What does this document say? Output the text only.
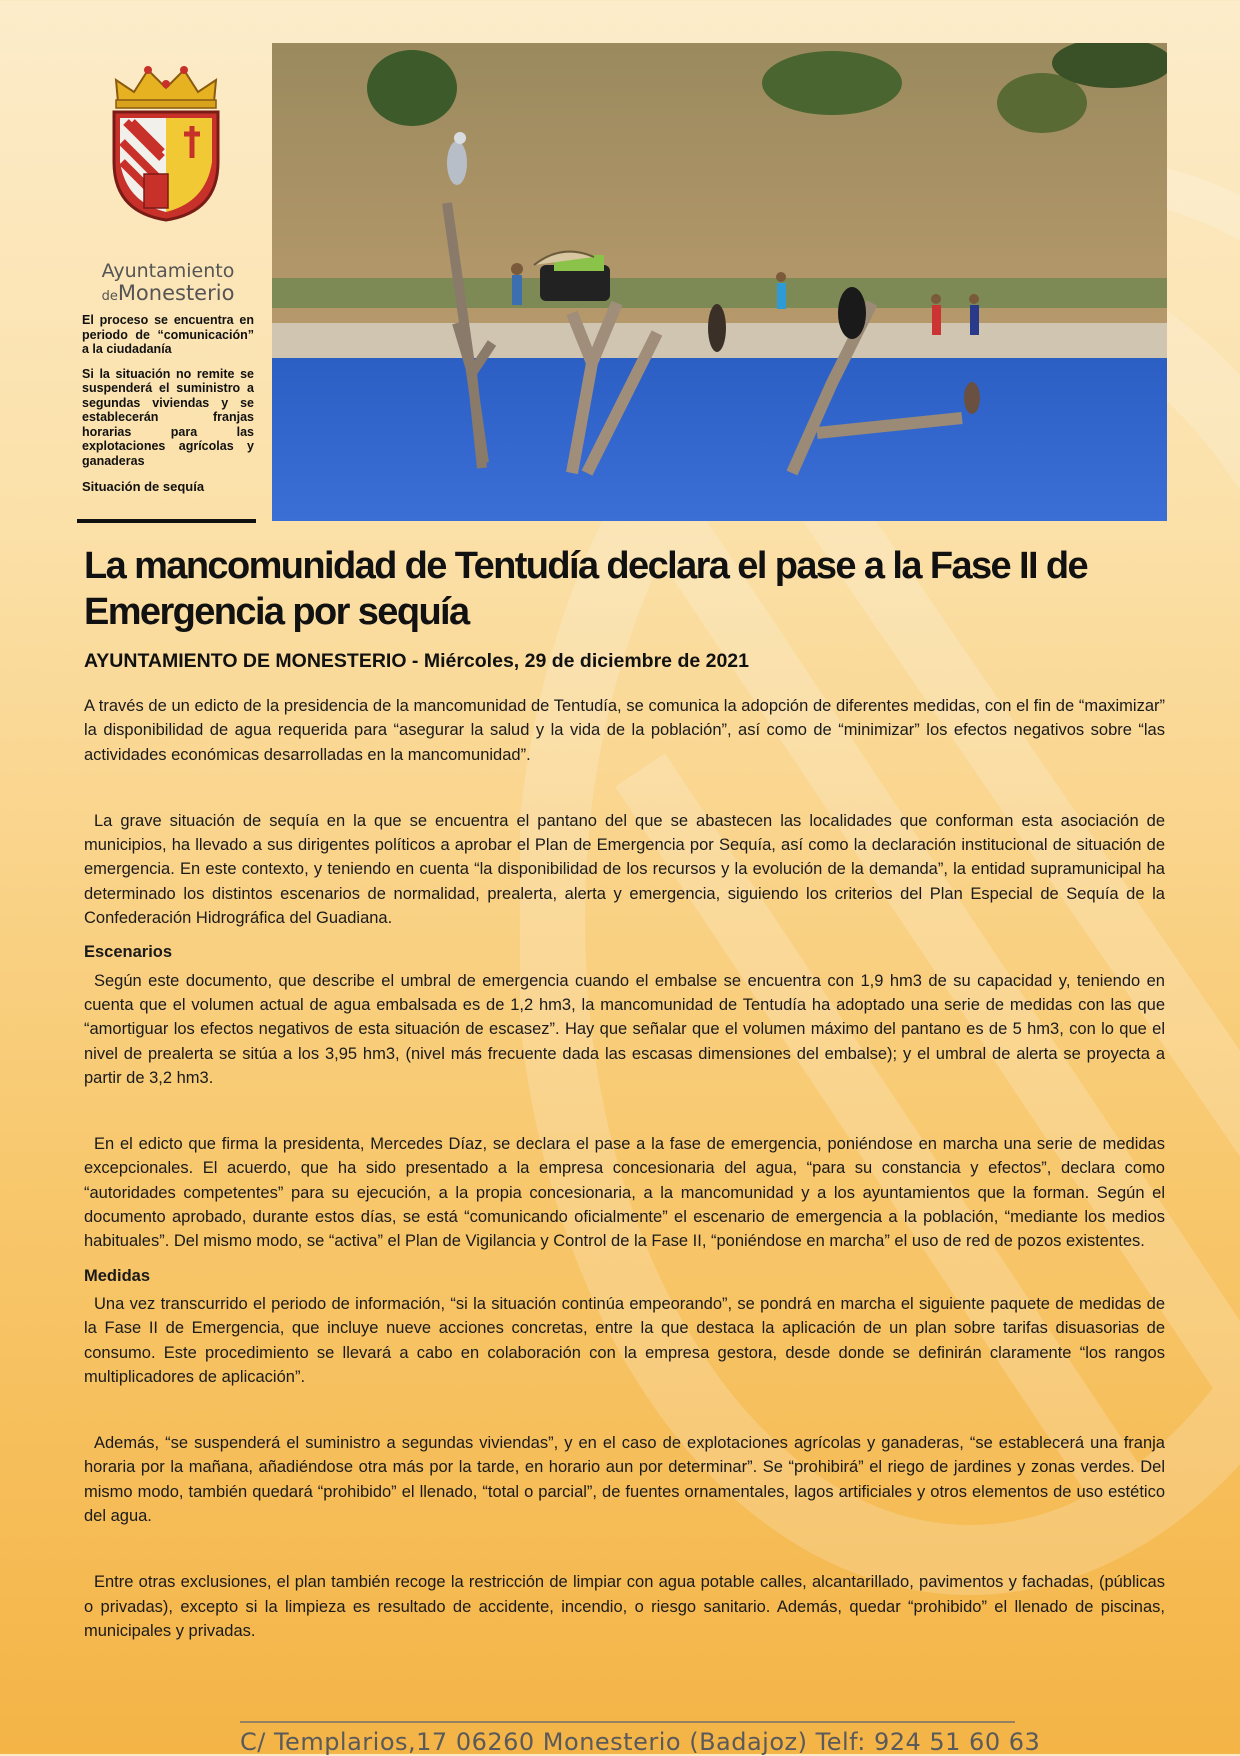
Ayuntamiento
deMonesterio

El proceso se encuentra en periodo de “comunicación” a la ciudadanía

Si la situación no remite se suspenderá el suministro a segundas viviendas y se establecerán franjas horarias para las explotaciones agrícolas y ganaderas

Situación de sequía

La mancomunidad de Tentudía declara el pase a la Fase II de Emergencia por sequía
AYUNTAMIENTO DE MONESTERIO - Miércoles, 29 de diciembre de 2021

A través de un edicto de la presidencia de la mancomunidad de Tentudía, se comunica la adopción de diferentes medidas, con el fin de “maximizar” la disponibilidad de agua requerida para “asegurar la salud y la vida de la población”, así como de “minimizar” los efectos negativos sobre “las actividades económicas desarrolladas en la mancomunidad”.

La grave situación de sequía en la que se encuentra el pantano del que se abastecen las localidades que conforman esta asociación de municipios, ha llevado a sus dirigentes políticos a aprobar el Plan de Emergencia por Sequía, así como la declaración institucional de situación de emergencia. En este contexto, y teniendo en cuenta “la disponibilidad de los recursos y la evolución de la demanda”, la entidad supramunicipal ha determinado los distintos escenarios de normalidad, prealerta, alerta y emergencia, siguiendo los criterios del Plan Especial de Sequía de la Confederación Hidrográfica del Guadiana.

Escenarios

Según este documento, que describe el umbral de emergencia cuando el embalse se encuentra con 1,9 hm3 de su capacidad y, teniendo en cuenta que el volumen actual de agua embalsada es de 1,2 hm3, la mancomunidad de Tentudía ha adoptado una serie de medidas con las que “amortiguar los efectos negativos de esta situación de escasez”. Hay que señalar que el volumen máximo del pantano es de 5 hm3, con lo que el nivel de prealerta se sitúa a los 3,95 hm3, (nivel más frecuente dada las escasas dimensiones del embalse); y el umbral de alerta se proyecta a partir de 3,2 hm3.

En el edicto que firma la presidenta, Mercedes Díaz, se declara el pase a la fase de emergencia, poniéndose en marcha una serie de medidas excepcionales. El acuerdo, que ha sido presentado a la empresa concesionaria del agua, “para su constancia y efectos”, declara como “autoridades competentes” para su ejecución, a la propia concesionaria, a la mancomunidad y a los ayuntamientos que la forman. Según el documento aprobado, durante estos días, se está “comunicando oficialmente” el escenario de emergencia a la población, “mediante los medios habituales”. Del mismo modo, se “activa” el Plan de Vigilancia y Control de la Fase II, “poniéndose en marcha” el uso de red de pozos existentes.

Medidas

Una vez transcurrido el periodo de información, “si la situación continúa empeorando”, se pondrá en marcha el siguiente paquete de medidas de la Fase II de Emergencia, que incluye nueve acciones concretas, entre la que destaca la aplicación de un plan sobre tarifas disuasorias de consumo. Este procedimiento se llevará a cabo en colaboración con la empresa gestora, desde donde se definirán claramente “los rangos multiplicadores de aplicación”.

Además, “se suspenderá el suministro a segundas viviendas”, y en el caso de explotaciones agrícolas y ganaderas, “se establecerá una franja horaria por la mañana, añadiéndose otra más por la tarde, en horario aun por determinar”. Se “prohibirá” el riego de jardines y zonas verdes. Del mismo modo, también quedará “prohibido” el llenado, “total o parcial”, de fuentes ornamentales, lagos artificiales y otros elementos de uso estético del agua.

Entre otras exclusiones, el plan también recoge la restricción de limpiar con agua potable calles, alcantarillado, pavimentos y fachadas, (públicas o privadas), excepto si la limpieza es resultado de accidente, incendio, o riesgo sanitario. Además, quedar “prohibido” el llenado de piscinas, municipales y privadas.

C/ Templarios,17 06260 Monesterio (Badajoz) Telf: 924 51 60 63
